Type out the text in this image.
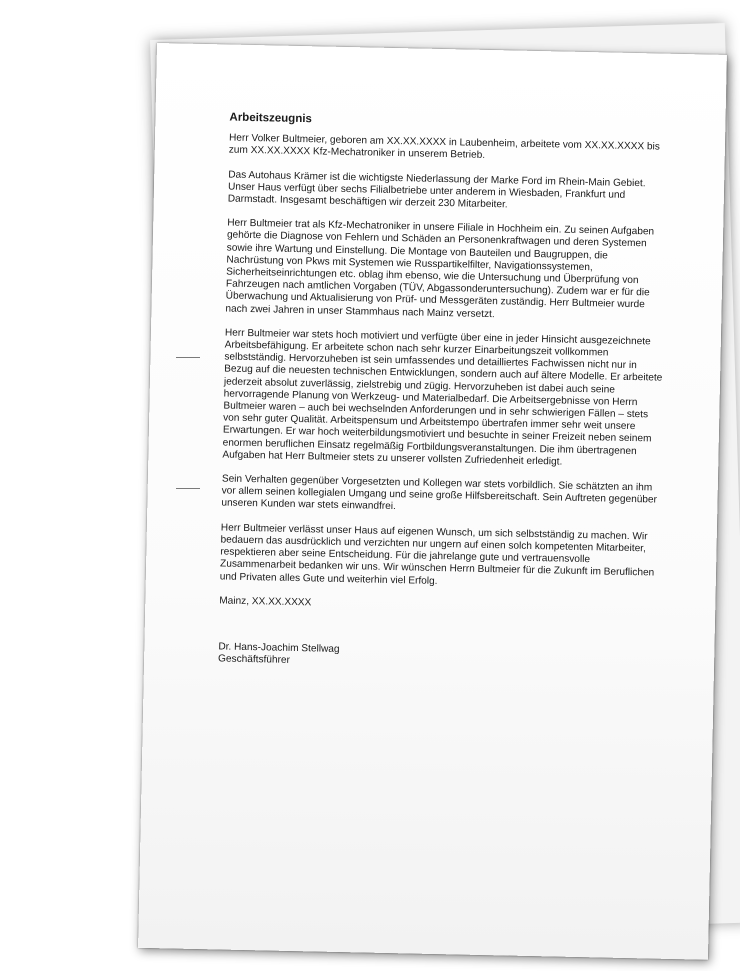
Arbeitszeugnis
Herr Volker Bultmeier, geboren am XX.XX.XXXX in Laubenheim, arbeitete vom XX.XX.XXXX bis zum XX.XX.XXXX Kfz-Mechatroniker in unserem Betrieb.
Das Autohaus Krämer ist die wichtigste Niederlassung der Marke Ford im Rhein-Main Gebiet. Unser Haus verfügt über sechs Filialbetriebe unter anderem in Wiesbaden, Frankfurt und Darmstadt. Insgesamt beschäftigen wir derzeit 230 Mitarbeiter.
Herr Bultmeier trat als Kfz-Mechatroniker in unsere Filiale in Hochheim ein. Zu seinen Aufgaben gehörte die Diagnose von Fehlern und Schäden an Personenkraftwagen und deren Systemen sowie ihre Wartung und Einstellung. Die Montage von Bauteilen und Baugruppen, die Nachrüstung von Pkws mit Systemen wie Russpartikelfilter, Navigationssystemen, Sicherheitseinrichtungen etc. oblag ihm ebenso, wie die Untersuchung und Überprüfung von Fahrzeugen nach amtlichen Vorgaben (TÜV, Abgassonderuntersuchung). Zudem war er für die Überwachung und Aktualisierung von Prüf- und Messgeräten zuständig. Herr Bultmeier wurde nach zwei Jahren in unser Stammhaus nach Mainz versetzt.
Herr Bultmeier war stets hoch motiviert und verfügte über eine in jeder Hinsicht ausgezeichnete Arbeitsbefähigung. Er arbeitete schon nach sehr kurzer Einarbeitungszeit vollkommen selbstständig. Hervorzuheben ist sein umfassendes und detailliertes Fachwissen nicht nur in Bezug auf die neuesten technischen Entwicklungen, sondern auch auf ältere Modelle. Er arbeitete jederzeit absolut zuverlässig, zielstrebig und zügig. Hervorzuheben ist dabei auch seine hervorragende Planung von Werkzeug- und Materialbedarf. Die Arbeitsergebnisse von Herrn Bultmeier waren – auch bei wechselnden Anforderungen und in sehr schwierigen Fällen – stets von sehr guter Qualität. Arbeitspensum und Arbeitstempo übertrafen immer sehr weit unsere Erwartungen. Er war hoch weiterbildungsmotiviert und besuchte in seiner Freizeit neben seinem enormen beruflichen Einsatz regelmäßig Fortbildungsveranstaltungen. Die ihm übertragenen Aufgaben hat Herr Bultmeier stets zu unserer vollsten Zufriedenheit erledigt.
Sein Verhalten gegenüber Vorgesetzten und Kollegen war stets vorbildlich. Sie schätzten an ihm vor allem seinen kollegialen Umgang und seine große Hilfsbereitschaft. Sein Auftreten gegenüber unseren Kunden war stets einwandfrei.
Herr Bultmeier verlässt unser Haus auf eigenen Wunsch, um sich selbstständig zu machen. Wir bedauern das ausdrücklich und verzichten nur ungern auf einen solch kompetenten Mitarbeiter, respektieren aber seine Entscheidung. Für die jahrelange gute und vertrauensvolle Zusammenarbeit bedanken wir uns. Wir wünschen Herrn Bultmeier für die Zukunft im Beruflichen und Privaten alles Gute und weiterhin viel Erfolg.
Mainz, XX.XX.XXXX
Dr. Hans-Joachim Stellwag
Geschäftsführer
